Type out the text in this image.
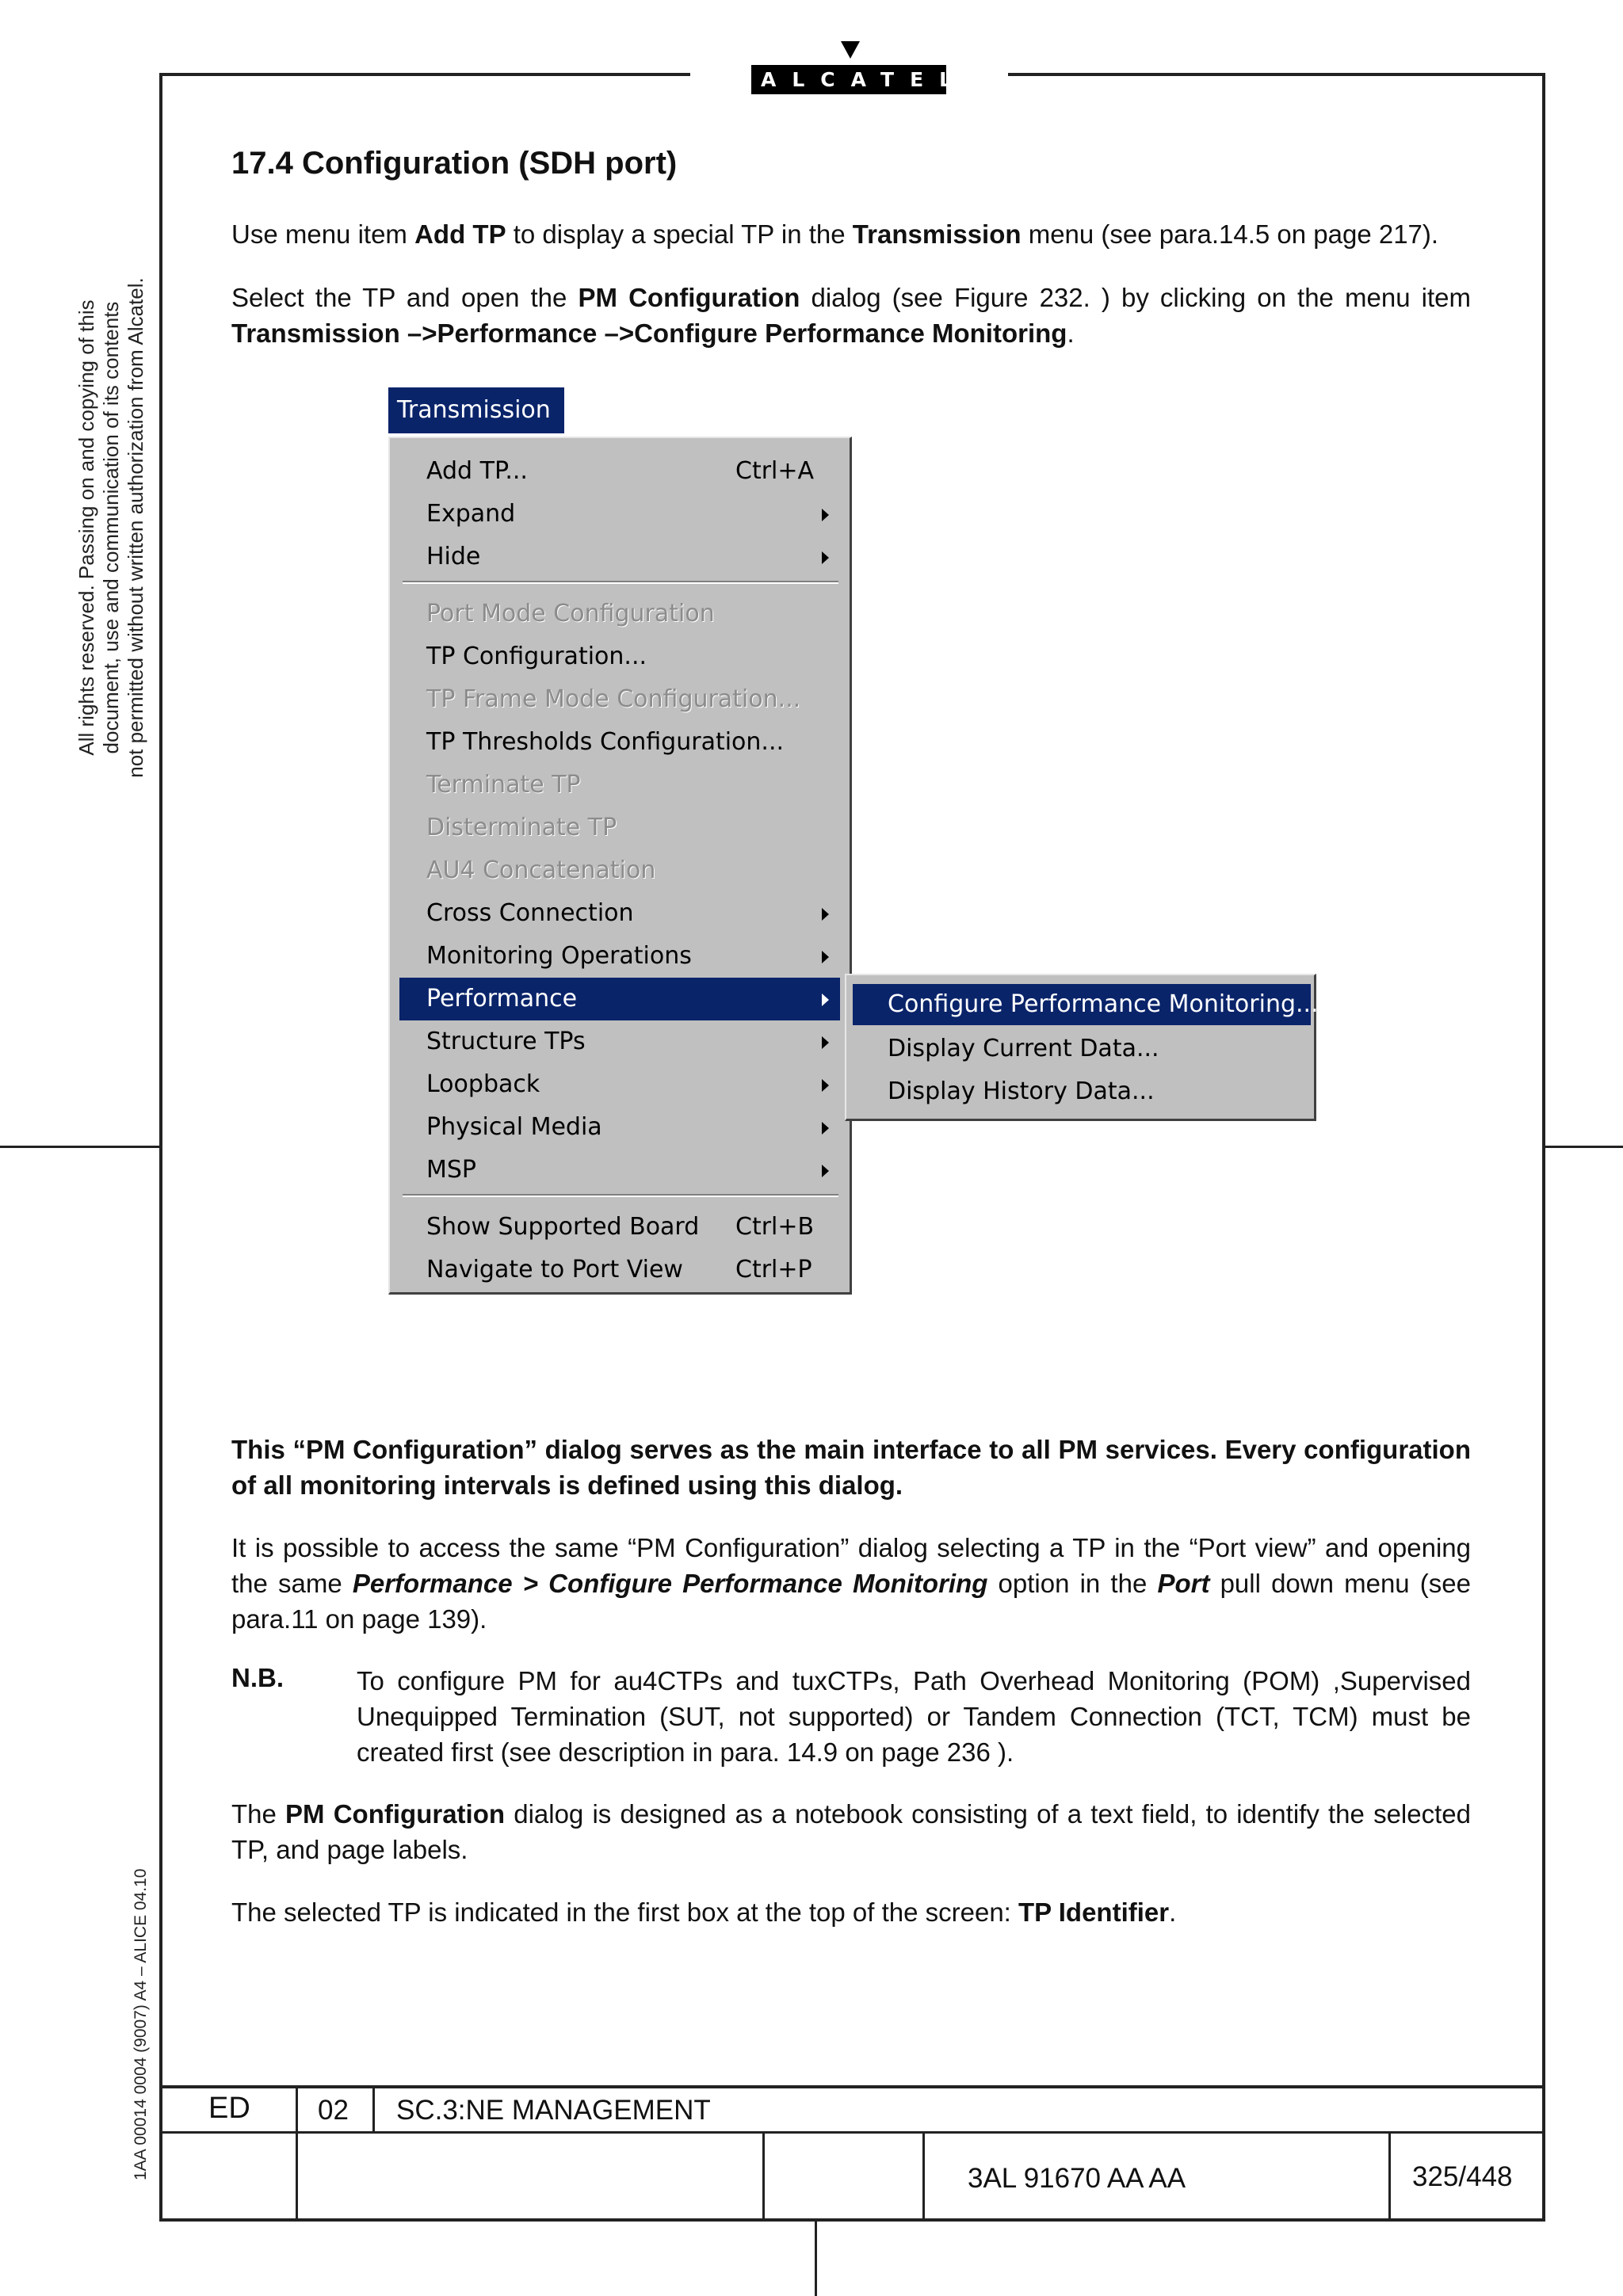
ALCATEL
All rights reserved. Passing on and copying of this document, use and communication of its contents not permitted without written authorization from Alcatel.
1AA 00014 0004 (9007) A4 – ALICE 04.10
17.4 Configuration (SDH port)
Use menu item Add TP to display a special TP in the Transmission menu (see para.14.5 on page 217).
Select the TP and open the PM Configuration dialog (see Figure 232. ) by clicking on the menu item Transmission –>Performance –>Configure Performance Monitoring.
Transmission
Add TP...	Ctrl+A
Expand
Hide
Port Mode Configuration
TP Configuration...
TP Frame Mode Configuration...
TP Thresholds Configuration...
Terminate TP
Disterminate TP
AU4 Concatenation
Cross Connection
Monitoring Operations
Performance
Structure TPs
Loopback
Physical Media
MSP
Show Supported Board Ctrl+B
Navigate to Port View Ctrl+P
Configure Performance Monitoring...
Display Current Data...
Display History Data...
This “PM Configuration” dialog serves as the main interface to all PM services. Every configuration of all monitoring intervals is defined using this dialog.
It is possible to access the same “PM Configuration” dialog selecting a TP in the “Port view” and opening the same Performance > Configure Performance Monitoring option in the Port pull down menu (see para.11 on page 139).
N.B.	To configure PM for au4CTPs and tuxCTPs, Path Overhead Monitoring (POM) ,Supervised Unequipped Termination (SUT, not supported) or Tandem Connection (TCT, TCM) must be created first (see description in para. 14.9 on page 236 ).
The PM Configuration dialog is designed as a notebook consisting of a text field, to identify the selected TP, and page labels.
The selected TP is indicated in the first box at the top of the screen: TP Identifier.
ED 02 SC.3:NE MANAGEMENT
3AL 91670 AA AA	325/448
